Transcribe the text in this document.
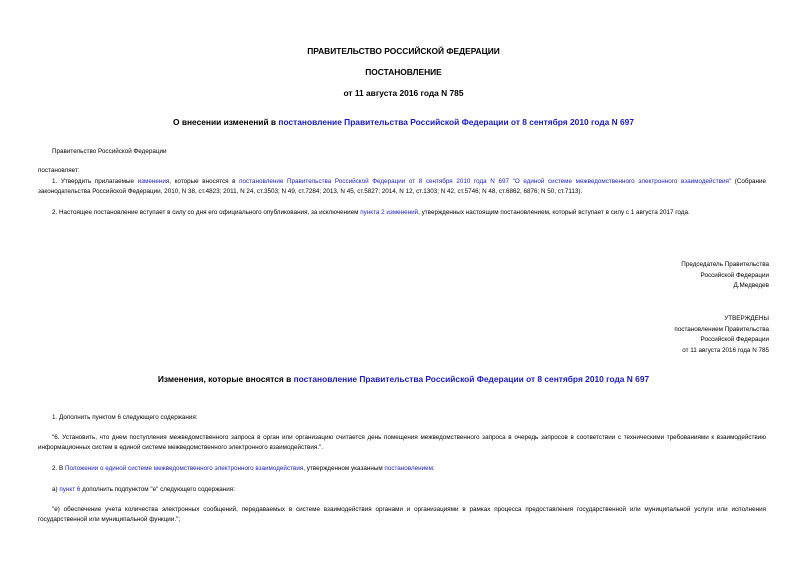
ПРАВИТЕЛЬСТВО РОССИЙСКОЙ ФЕДЕРАЦИИ
ПОСТАНОВЛЕНИЕ
от 11 августа 2016 года N 785
О внесении изменений в постановление Правительства Российской Федерации от 8 сентября 2010 года N 697

Правительство Российской Федерации

постановляет:

1. Утвердить прилагаемые изменения, которые вносятся в постановление Правительства Российской Федерации от 8 сентября 2010 года N 697 "О единой системе межведомственного электронного взаимодействия" (Собрание законодательства Российской Федерации, 2010, N 38, ст.4823; 2011, N 24, ст.3503; N 49, ст.7284; 2013, N 45, ст.5827; 2014, N 12, ст.1303; N 42, ст.5746; N 48, ст.6862, 6876; N 50, ст.7113).

2. Настоящее постановление вступает в силу со дня его официального опубликования, за исключением пункта 2 изменений, утвержденных настоящим постановлением, который вступает в силу с 1 августа 2017 года.

Председатель Правительства
Российской Федерации
Д.Медведев
УТВЕРЖДЕНЫ
постановлением Правительства
Российской Федерации
от 11 августа 2016 года N 785
Изменения, которые вносятся в постановление Правительства Российской Федерации от 8 сентября 2010 года N 697

1. Дополнить пунктом 6 следующего содержания:

"6. Установить, что днем поступления межведомственного запроса в орган или организацию считается день помещения межведомственного запроса в очередь запросов в соответствии с техническими требованиями к взаимодействию информационных систем в единой системе межведомственного электронного взаимодействия.".

2. В Положении о единой системе межведомственного электронного взаимодействия, утвержденном указанным постановлением:

а) пункт 6 дополнить подпунктом "е" следующего содержания:

"е) обеспечение учета количества электронных сообщений, передаваемых в системе взаимодействия органами и организациями в рамках процесса предоставления государственной или муниципальной услуги или исполнения государственной или муниципальной функции.";
